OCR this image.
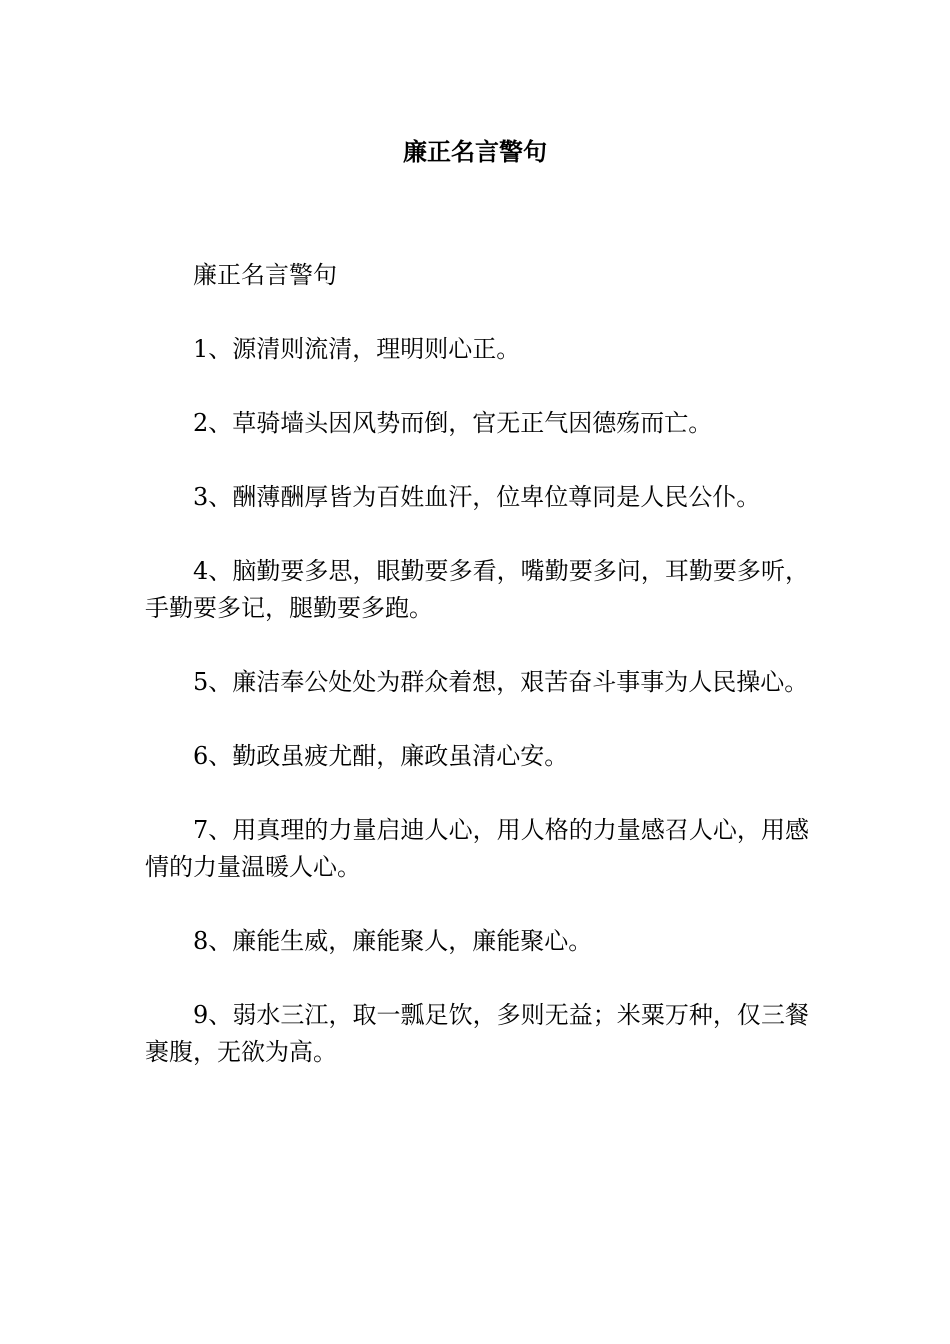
廉正名言警句

廉正名言警句

1、源清则流清，理明则心正。

2、草骑墙头因风势而倒，官无正气因德殇而亡。

3、酬薄酬厚皆为百姓血汗，位卑位尊同是人民公仆。

4、脑勤要多思，眼勤要多看，嘴勤要多问，耳勤要多听，手勤要多记，腿勤要多跑。

5、廉洁奉公处处为群众着想，艰苦奋斗事事为人民操心。

6、勤政虽疲尤酣，廉政虽清心安。

7、用真理的力量启迪人心，用人格的力量感召人心，用感情的力量温暖人心。

8、廉能生威，廉能聚人，廉能聚心。

9、弱水三江，取一瓢足饮，多则无益；米粟万种，仅三餐裹腹，无欲为高。
